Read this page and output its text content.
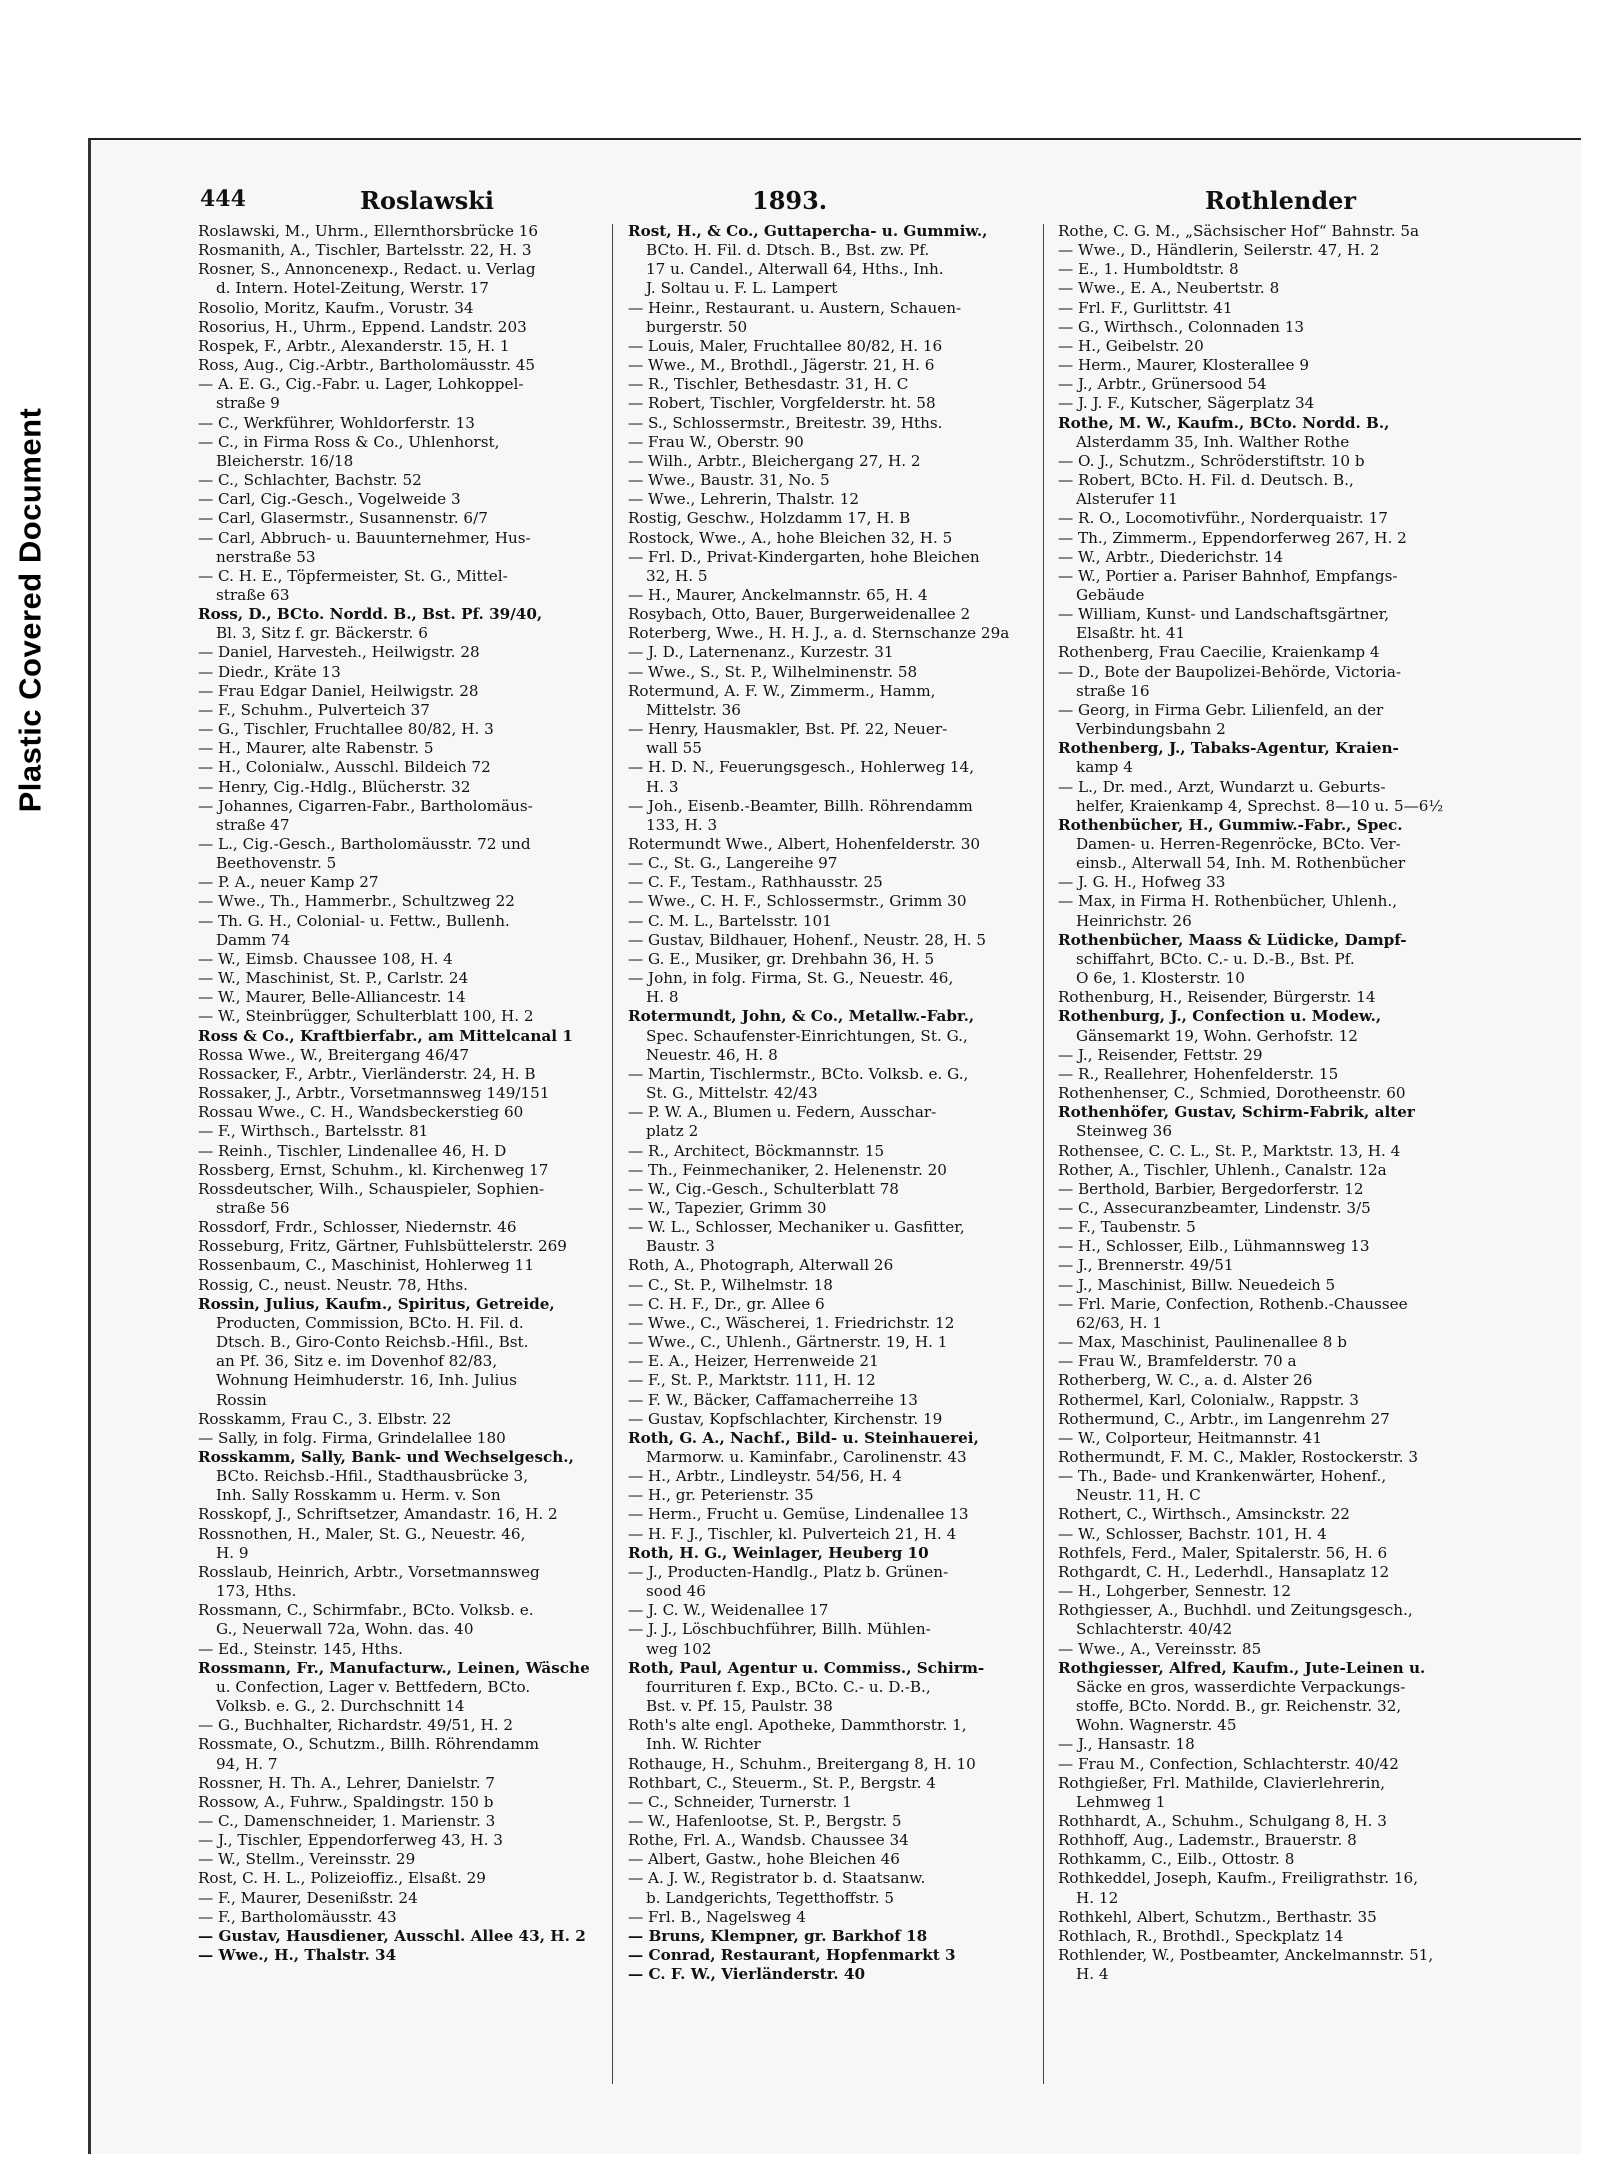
Plastic Covered Document
444	Roslawski	1893.	Rothlender
Roslawski, M., Uhrm., Ellernthorsbrücke 16
Rosmanith, A., Tischler, Bartelsstr. 22, H. 3
Rosner, S., Annoncenexp., Redact. u. Verlag
d. Intern. Hotel-Zeitung, Werstr. 17
Rosolio, Moritz, Kaufm., Vorustr. 34
Rosorius, H., Uhrm., Eppend. Landstr. 203
Rospek, F., Arbtr., Alexanderstr. 15, H. 1
Ross, Aug., Cig.-Arbtr., Bartholomäusstr. 45
— A. E. G., Cig.-Fabr. u. Lager, Lohkoppel-
straße 9
— C., Werkführer, Wohldorferstr. 13
— C., in Firma Ross & Co., Uhlenhorst,
Bleicherstr. 16/18
— C., Schlachter, Bachstr. 52
— Carl, Cig.-Gesch., Vogelweide 3
— Carl, Glasermstr., Susannenstr. 6/7
— Carl, Abbruch- u. Bauunternehmer, Hus-
nerstraße 53
— C. H. E., Töpfermeister, St. G., Mittel-
straße 63
Ross, D., BCto. Nordd. B., Bst. Pf. 39/40,
Bl. 3, Sitz f. gr. Bäckerstr. 6
— Daniel, Harvesteh., Heilwigstr. 28
— Diedr., Kräte 13
— Frau Edgar Daniel, Heilwigstr. 28
— F., Schuhm., Pulverteich 37
— G., Tischler, Fruchtallee 80/82, H. 3
— H., Maurer, alte Rabenstr. 5
— H., Colonialw., Ausschl. Bildeich 72
— Henry, Cig.-Hdlg., Blücherstr. 32
— Johannes, Cigarren-Fabr., Bartholomäus-
straße 47
— L., Cig.-Gesch., Bartholomäusstr. 72 und
Beethovenstr. 5
— P. A., neuer Kamp 27
— Wwe., Th., Hammerbr., Schultzweg 22
— Th. G. H., Colonial- u. Fettw., Bullenh.
Damm 74
— W., Eimsb. Chaussee 108, H. 4
— W., Maschinist, St. P., Carlstr. 24
— W., Maurer, Belle-Alliancestr. 14
— W., Steinbrügger, Schulterblatt 100, H. 2
Ross & Co., Kraftbierfabr., am Mittelcanal 1
Rossa Wwe., W., Breitergang 46/47
Rossacker, F., Arbtr., Vierländerstr. 24, H. B
Rossaker, J., Arbtr., Vorsetmannsweg 149/151
Rossau Wwe., C. H., Wandsbeckerstieg 60
— F., Wirthsch., Bartelsstr. 81
— Reinh., Tischler, Lindenallee 46, H. D
Rossberg, Ernst, Schuhm., kl. Kirchenweg 17
Rossdeutscher, Wilh., Schauspieler, Sophien-
straße 56
Rossdorf, Frdr., Schlosser, Niedernstr. 46
Rosseburg, Fritz, Gärtner, Fuhlsbüttelerstr. 269
Rossenbaum, C., Maschinist, Hohlerweg 11
Rossig, C., neust. Neustr. 78, Hths.
Rossin, Julius, Kaufm., Spiritus, Getreide,
Producten, Commission, BCto. H. Fil. d.
Dtsch. B., Giro-Conto Reichsb.-Hfil., Bst.
an Pf. 36, Sitz e. im Dovenhof 82/83,
Wohnung Heimhuderstr. 16, Inh. Julius
Rossin
Rosskamm, Frau C., 3. Elbstr. 22
— Sally, in folg. Firma, Grindelallee 180
Rosskamm, Sally, Bank- und Wechselgesch.,
BCto. Reichsb.-Hfil., Stadthausbrücke 3,
Inh. Sally Rosskamm u. Herm. v. Son
Rosskopf, J., Schriftsetzer, Amandastr. 16, H. 2
Rossnothen, H., Maler, St. G., Neuestr. 46,
H. 9
Rosslaub, Heinrich, Arbtr., Vorsetmannsweg
173, Hths.
Rossmann, C., Schirmfabr., BCto. Volksb. e.
G., Neuerwall 72a, Wohn. das. 40
— Ed., Steinstr. 145, Hths.
Rossmann, Fr., Manufacturw., Leinen, Wäsche
u. Confection, Lager v. Bettfedern, BCto.
Volksb. e. G., 2. Durchschnitt 14
— G., Buchhalter, Richardstr. 49/51, H. 2
Rossmate, O., Schutzm., Billh. Röhrendamm
94, H. 7
Rossner, H. Th. A., Lehrer, Danielstr. 7
Rossow, A., Fuhrw., Spaldingstr. 150 b
— C., Damenschneider, 1. Marienstr. 3
— J., Tischler, Eppendorferweg 43, H. 3
— W., Stellm., Vereinsstr. 29
Rost, C. H. L., Polizeioffiz., Elsaßt. 29
— F., Maurer, Desenißstr. 24
— F., Bartholomäusstr. 43
— Gustav, Hausdiener, Ausschl. Allee 43, H. 2
— Wwe., H., Thalstr. 34
Rost, H., & Co., Guttapercha- u. Gummiw.,
BCto. H. Fil. d. Dtsch. B., Bst. zw. Pf.
17 u. Candel., Alterwall 64, Hths., Inh.
J. Soltau u. F. L. Lampert
— Heinr., Restaurant. u. Austern, Schauen-
burgerstr. 50
— Louis, Maler, Fruchtallee 80/82, H. 16
— Wwe., M., Brothdl., Jägerstr. 21, H. 6
— R., Tischler, Bethesdastr. 31, H. C
— Robert, Tischler, Vorgfelderstr. ht. 58
— S., Schlossermstr., Breitestr. 39, Hths.
— Frau W., Oberstr. 90
— Wilh., Arbtr., Bleichergang 27, H. 2
— Wwe., Baustr. 31, No. 5
— Wwe., Lehrerin, Thalstr. 12
Rostig, Geschw., Holzdamm 17, H. B
Rostock, Wwe., A., hohe Bleichen 32, H. 5
— Frl. D., Privat-Kindergarten, hohe Bleichen
32, H. 5
— H., Maurer, Anckelmannstr. 65, H. 4
Rosybach, Otto, Bauer, Burgerweidenallee 2
Roterberg, Wwe., H. H. J., a. d. Sternschanze 29a
— J. D., Laternenanz., Kurzestr. 31
— Wwe., S., St. P., Wilhelminenstr. 58
Rotermund, A. F. W., Zimmerm., Hamm,
Mittelstr. 36
— Henry, Hausmakler, Bst. Pf. 22, Neuer-
wall 55
— H. D. N., Feuerungsgesch., Hohlerweg 14,
H. 3
— Joh., Eisenb.-Beamter, Billh. Röhrendamm
133, H. 3
Rotermundt Wwe., Albert, Hohenfelderstr. 30
— C., St. G., Langereihe 97
— C. F., Testam., Rathhausstr. 25
— Wwe., C. H. F., Schlossermstr., Grimm 30
— C. M. L., Bartelsstr. 101
— Gustav, Bildhauer, Hohenf., Neustr. 28, H. 5
— G. E., Musiker, gr. Drehbahn 36, H. 5
— John, in folg. Firma, St. G., Neuestr. 46,
H. 8
Rotermundt, John, & Co., Metallw.-Fabr.,
Spec. Schaufenster-Einrichtungen, St. G.,
Neuestr. 46, H. 8
— Martin, Tischlermstr., BCto. Volksb. e. G.,
St. G., Mittelstr. 42/43
— P. W. A., Blumen u. Federn, Ausschar-
platz 2
— R., Architect, Böckmannstr. 15
— Th., Feinmechaniker, 2. Helenenstr. 20
— W., Cig.-Gesch., Schulterblatt 78
— W., Tapezier, Grimm 30
— W. L., Schlosser, Mechaniker u. Gasfitter,
Baustr. 3
Roth, A., Photograph, Alterwall 26
— C., St. P., Wilhelmstr. 18
— C. H. F., Dr., gr. Allee 6
— Wwe., C., Wäscherei, 1. Friedrichstr. 12
— Wwe., C., Uhlenh., Gärtnerstr. 19, H. 1
— E. A., Heizer, Herrenweide 21
— F., St. P., Marktstr. 111, H. 12
— F. W., Bäcker, Caffamacherreihe 13
— Gustav, Kopfschlachter, Kirchenstr. 19
Roth, G. A., Nachf., Bild- u. Steinhauerei,
Marmorw. u. Kaminfabr., Carolinenstr. 43
— H., Arbtr., Lindleystr. 54/56, H. 4
— H., gr. Peterienstr. 35
— Herm., Frucht u. Gemüse, Lindenallee 13
— H. F. J., Tischler, kl. Pulverteich 21, H. 4
Roth, H. G., Weinlager, Heuberg 10
— J., Producten-Handlg., Platz b. Grünen-
sood 46
— J. C. W., Weidenallee 17
— J. J., Löschbuchführer, Billh. Mühlen-
weg 102
Roth, Paul, Agentur u. Commiss., Schirm-
fourrituren f. Exp., BCto. C.- u. D.-B.,
Bst. v. Pf. 15, Paulstr. 38
Roth's alte engl. Apotheke, Dammthorstr. 1,
Inh. W. Richter
Rothauge, H., Schuhm., Breitergang 8, H. 10
Rothbart, C., Steuerm., St. P., Bergstr. 4
— C., Schneider, Turnerstr. 1
— W., Hafenlootse, St. P., Bergstr. 5
Rothe, Frl. A., Wandsb. Chaussee 34
— Albert, Gastw., hohe Bleichen 46
— A. J. W., Registrator b. d. Staatsanw.
b. Landgerichts, Tegetthoffstr. 5
— Frl. B., Nagelsweg 4
— Bruns, Klempner, gr. Barkhof 18
— Conrad, Restaurant, Hopfenmarkt 3
— C. F. W., Vierländerstr. 40
Rothe, C. G. M., „Sächsischer Hof“ Bahnstr. 5a
— Wwe., D., Händlerin, Seilerstr. 47, H. 2
— E., 1. Humboldtstr. 8
— Wwe., E. A., Neubertstr. 8
— Frl. F., Gurlittstr. 41
— G., Wirthsch., Colonnaden 13
— H., Geibelstr. 20
— Herm., Maurer, Klosterallee 9
— J., Arbtr., Grünersood 54
— J. J. F., Kutscher, Sägerplatz 34
Rothe, M. W., Kaufm., BCto. Nordd. B.,
Alsterdamm 35, Inh. Walther Rothe
— O. J., Schutzm., Schröderstiftstr. 10 b
— Robert, BCto. H. Fil. d. Deutsch. B.,
Alsterufer 11
— R. O., Locomotivführ., Norderquaistr. 17
— Th., Zimmerm., Eppendorferweg 267, H. 2
— W., Arbtr., Diederichstr. 14
— W., Portier a. Pariser Bahnhof, Empfangs-
Gebäude
— William, Kunst- und Landschaftsgärtner,
Elsaßtr. ht. 41
Rothenberg, Frau Caecilie, Kraienkamp 4
— D., Bote der Baupolizei-Behörde, Victoria-
straße 16
— Georg, in Firma Gebr. Lilienfeld, an der
Verbindungsbahn 2
Rothenberg, J., Tabaks-Agentur, Kraien-
kamp 4
— L., Dr. med., Arzt, Wundarzt u. Geburts-
helfer, Kraienkamp 4, Sprechst. 8—10 u. 5—6½
Rothenbücher, H., Gummiw.-Fabr., Spec.
Damen- u. Herren-Regenröcke, BCto. Ver-
einsb., Alterwall 54, Inh. M. Rothenbücher
— J. G. H., Hofweg 33
— Max, in Firma H. Rothenbücher, Uhlenh.,
Heinrichstr. 26
Rothenbücher, Maass & Lüdicke, Dampf-
schiffahrt, BCto. C.- u. D.-B., Bst. Pf.
O 6e, 1. Klosterstr. 10
Rothenburg, H., Reisender, Bürgerstr. 14
Rothenburg, J., Confection u. Modew.,
Gänsemarkt 19, Wohn. Gerhofstr. 12
— J., Reisender, Fettstr. 29
— R., Reallehrer, Hohenfelderstr. 15
Rothenhenser, C., Schmied, Dorotheenstr. 60
Rothenhöfer, Gustav, Schirm-Fabrik, alter
Steinweg 36
Rothensee, C. C. L., St. P., Marktstr. 13, H. 4
Rother, A., Tischler, Uhlenh., Canalstr. 12a
— Berthold, Barbier, Bergedorferstr. 12
— C., Assecuranzbeamter, Lindenstr. 3/5
— F., Taubenstr. 5
— H., Schlosser, Eilb., Lühmannsweg 13
— J., Brennerstr. 49/51
— J., Maschinist, Billw. Neuedeich 5
— Frl. Marie, Confection, Rothenb.-Chaussee
62/63, H. 1
— Max, Maschinist, Paulinenallee 8 b
— Frau W., Bramfelderstr. 70 a
Rotherberg, W. C., a. d. Alster 26
Rothermel, Karl, Colonialw., Rappstr. 3
Rothermund, C., Arbtr., im Langenrehm 27
— W., Colporteur, Heitmannstr. 41
Rothermundt, F. M. C., Makler, Rostockerstr. 3
— Th., Bade- und Krankenwärter, Hohenf.,
Neustr. 11, H. C
Rothert, C., Wirthsch., Amsinckstr. 22
— W., Schlosser, Bachstr. 101, H. 4
Rothfels, Ferd., Maler, Spitalerstr. 56, H. 6
Rothgardt, C. H., Lederhdl., Hansaplatz 12
— H., Lohgerber, Sennestr. 12
Rothgiesser, A., Buchhdl. und Zeitungsgesch.,
Schlachterstr. 40/42
— Wwe., A., Vereinsstr. 85
Rothgiesser, Alfred, Kaufm., Jute-Leinen u.
Säcke en gros, wasserdichte Verpackungs-
stoffe, BCto. Nordd. B., gr. Reichenstr. 32,
Wohn. Wagnerstr. 45
— J., Hansastr. 18
— Frau M., Confection, Schlachterstr. 40/42
Rothgießer, Frl. Mathilde, Clavierlehrerin,
Lehmweg 1
Rothhardt, A., Schuhm., Schulgang 8, H. 3
Rothhoff, Aug., Lademstr., Brauerstr. 8
Rothkamm, C., Eilb., Ottostr. 8
Rothkeddel, Joseph, Kaufm., Freiligrathstr. 16,
H. 12
Rothkehl, Albert, Schutzm., Berthastr. 35
Rothlach, R., Brothdl., Speckplatz 14
Rothlender, W., Postbeamter, Anckelmannstr. 51,
H. 4
